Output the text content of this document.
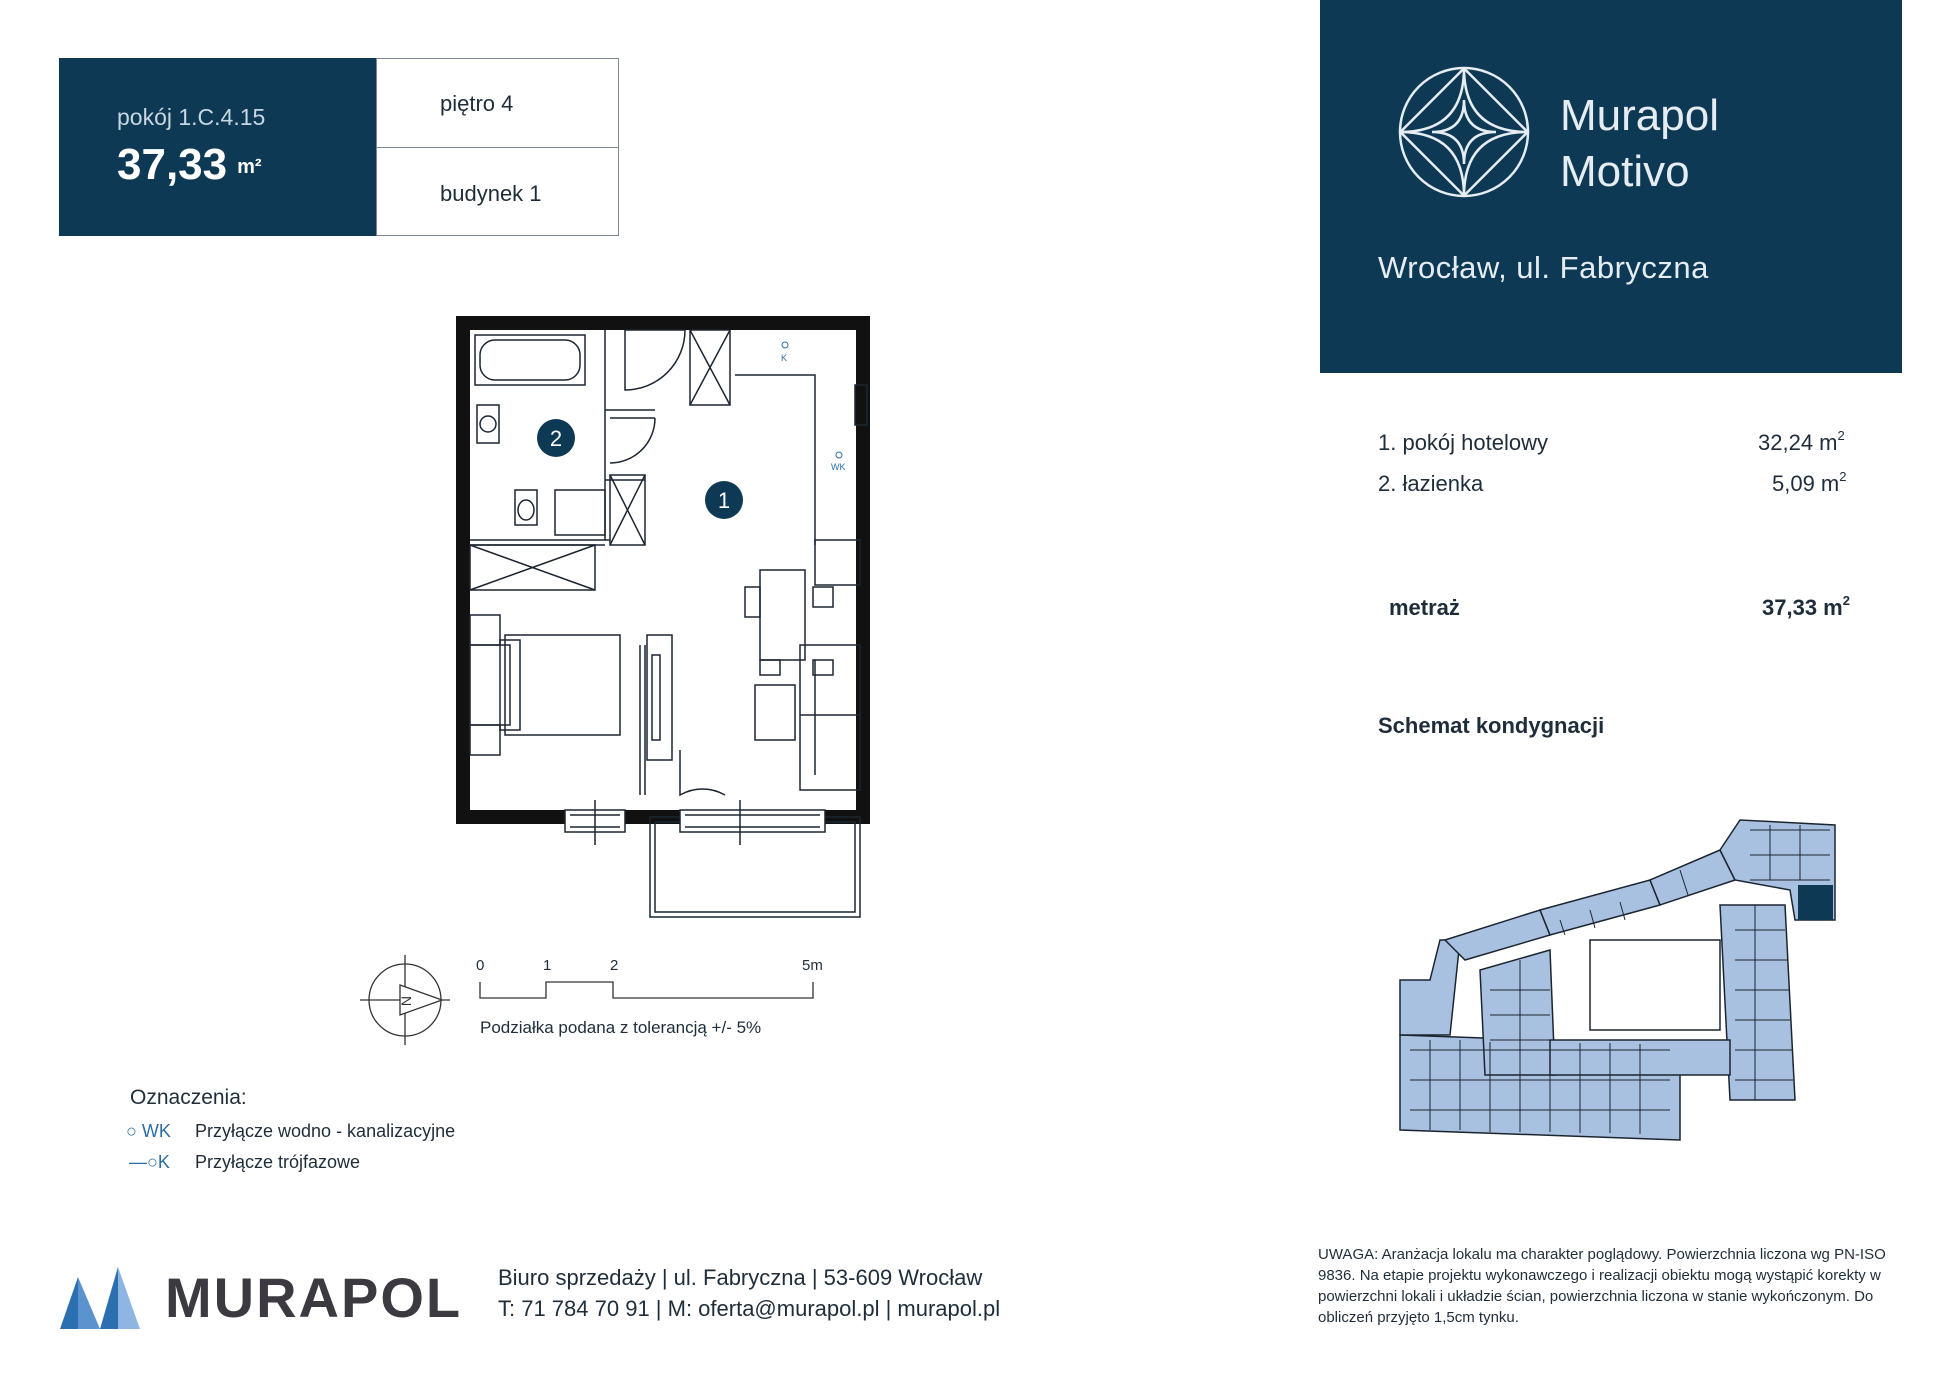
pokój 1.C.4.15
37,33 m²
piętro 4
budynek 1
Murapol
Motivo
Wrocław, ul. Fabryczna
1. pokój hotelowy	32,24 $m^2$
2. łazienka	5,09 $m^2$
metraż	37,33 $m^2$
Schemat kondygnacji
K
WK
1
2
N
0	1	2	5m
Podziałka podana z tolerancją +/- 5%
Oznaczenia:
○ WK Przyłącze wodno - kanalizacyjne
—○K Przyłącze trójfazowe
MURAPOL Biuro sprzedaży | ul. Fabryczna | 53-609 Wrocław
T: 71 784 70 91 | M: oferta@murapol.pl | murapol.pl
UWAGA: Aranżacja lokalu ma charakter poglądowy. Powierzchnia liczona wg PN-ISO 9836. Na etapie projektu wykonawczego i realizacji obiektu mogą wystąpić korekty w powierzchni lokali i układzie ścian, powierzchnia liczona w stanie wykończonym. Do obliczeń przyjęto 1,5cm tynku.
